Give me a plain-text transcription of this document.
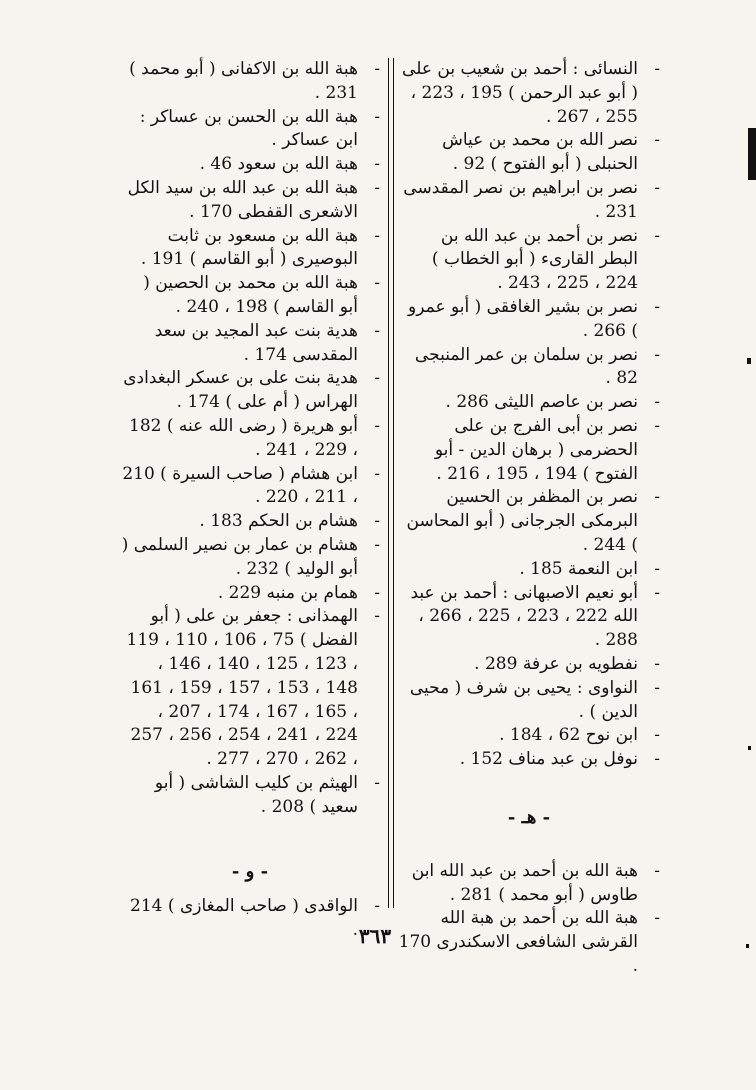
-
النسائى : أحمد بن شعيب بن على ( أبو عبد الرحمن ) 195 ، 223 ، 255 ، 267 .

-
نصر الله بن محمد بن عياش الحنبلى ( أبو الفتوح ) 92 .

-
نصر بن ابراهيم بن نصر المقدسى 231 .

-
نصر بن أحمد بن عبد الله بن البطر القارىء ( أبو الخطاب ) 224 ، 225 ، 243 .

-
نصر بن بشير الغافقى ( أبو عمرو ) 266 .

-
نصر بن سلمان بن عمر المنبجى 82 .

-
نصر بن عاصم الليثى 286 .

-
نصر بن أبى الفرج بن على الحضرمى ( برهان الدين - أبو الفتوح ) 194 ، 195 ، 216 .

-
نصر بن المظفر بن الحسين البرمكى الجرجانى ( أبو المحاسن ) 244 .

-
ابن النعمة 185 .

-
أبو نعيم الاصبهانى : أحمد بن عبد الله 222 ، 223 ، 225 ، 266 ، 288 .

-
نفطويه بن عرفة 289 .

-
النواوى : يحيى بن شرف ( محيى الدين ) .

-
ابن نوح 62 ، 184 .

-
نوفل بن عبد مناف 152 .

- هـ -

-
هبة الله بن أحمد بن عبد الله ابن طاوس ( أبو محمد ) 281 .

-
هبة الله بن أحمد بن هبة الله القرشى الشافعى الاسكندرى 170 .

-
هبة الله بن الاكفانى ( أبو محمد ) 231 .

-
هبة الله بن الحسن بن عساكر : ابن عساكر .

-
هبة الله بن سعود 46 .

-
هبة الله بن عبد الله بن سيد الكل الاشعرى القفطى 170 .

-
هبة الله بن مسعود بن ثابت البوصيرى ( أبو القاسم ) 191 .

-
هبة الله بن محمد بن الحصين ( أبو القاسم ) 198 ، 240 .

-
هدية بنت عبد المجيد بن سعد المقدسى 174 .

-
هدية بنت على بن عسكر البغدادى الهراس ( أم على ) 174 .

-
أبو هريرة ( رضى الله عنه ) 182 ، 229 ، 241 .

-
ابن هشام ( صاحب السيرة ) 210 ، 211 ، 220 .

-
هشام بن الحكم 183 .

-
هشام بن عمار بن نصير السلمى ( أبو الوليد ) 232 .

-
همام بن منبه 229 .

-
الهمذانى : جعفر بن على ( أبو الفضل ) 75 ، 106 ، 110 ، 119 ، 123 ، 125 ، 140 ، 146 ، 148 ، 153 ، 157 ، 159 ، 161 ، 165 ، 167 ، 174 ، 207 ، 224 ، 241 ، 254 ، 256 ، 257 ، 262 ، 270 ، 277 .

-
الهيثم بن كليب الشاشى ( أبو سعيد ) 208 .

- و -

-
الواقدى ( صاحب المغازى ) 214 . ٣٦٣
